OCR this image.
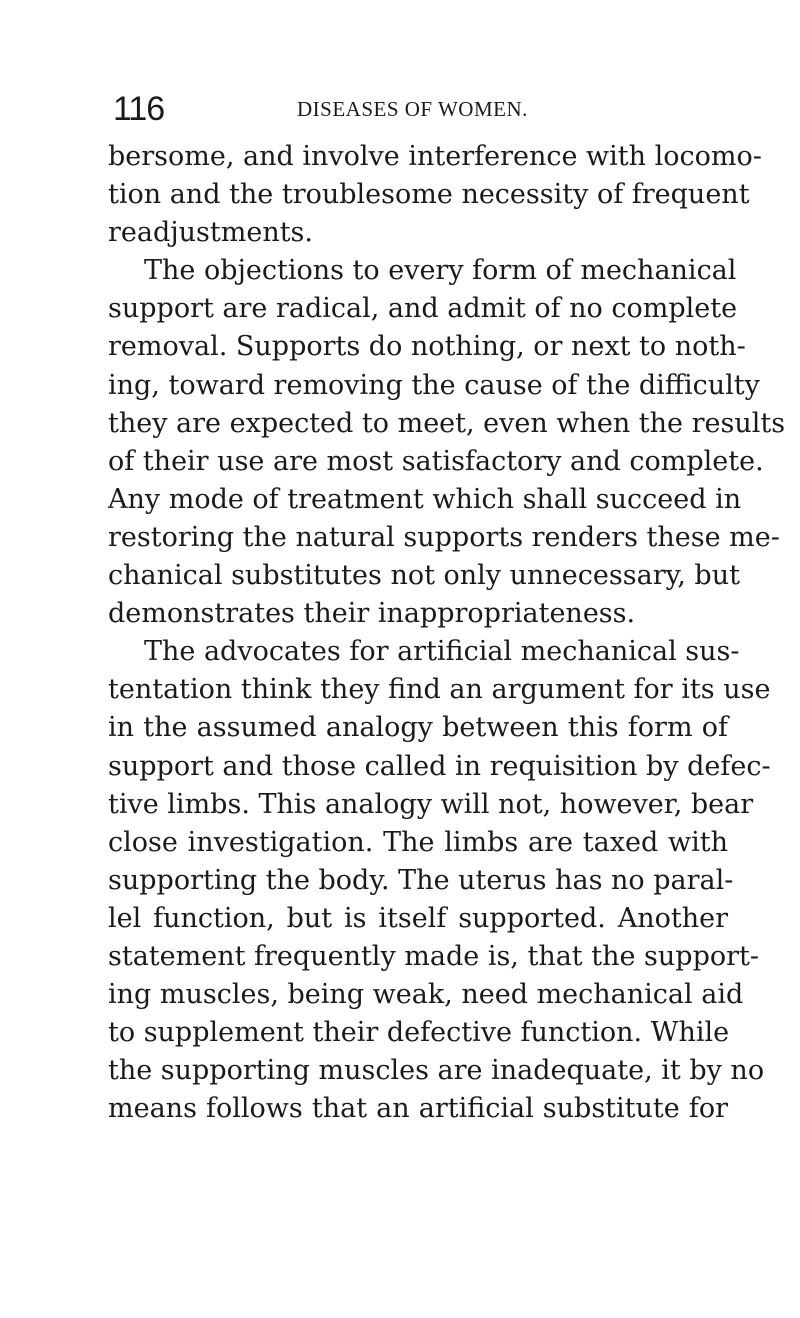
116	DISEASES OF WOMEN.
bersome, and involve interference with locomo-
tion and the troublesome necessity of frequent
readjustments.
The objections to every form of mechanical
support are radical, and admit of no complete
removal. Supports do nothing, or next to noth-
ing, toward removing the cause of the difficulty
they are expected to meet, even when the results
of their use are most satisfactory and complete.
Any mode of treatment which shall succeed in
restoring the natural supports renders these me-
chanical substitutes not only unnecessary, but
demonstrates their inappropriateness.
The advocates for artificial mechanical sus-
tentation think they find an argument for its use
in the assumed analogy between this form of
support and those called in requisition by defec-
tive limbs. This analogy will not, however, bear
close investigation. The limbs are taxed with
supporting the body. The uterus has no paral-
lel function, but is itself supported. Another
statement frequently made is, that the support-
ing muscles, being weak, need mechanical aid
to supplement their defective function. While
the supporting muscles are inadequate, it by no
means follows that an artificial substitute for
